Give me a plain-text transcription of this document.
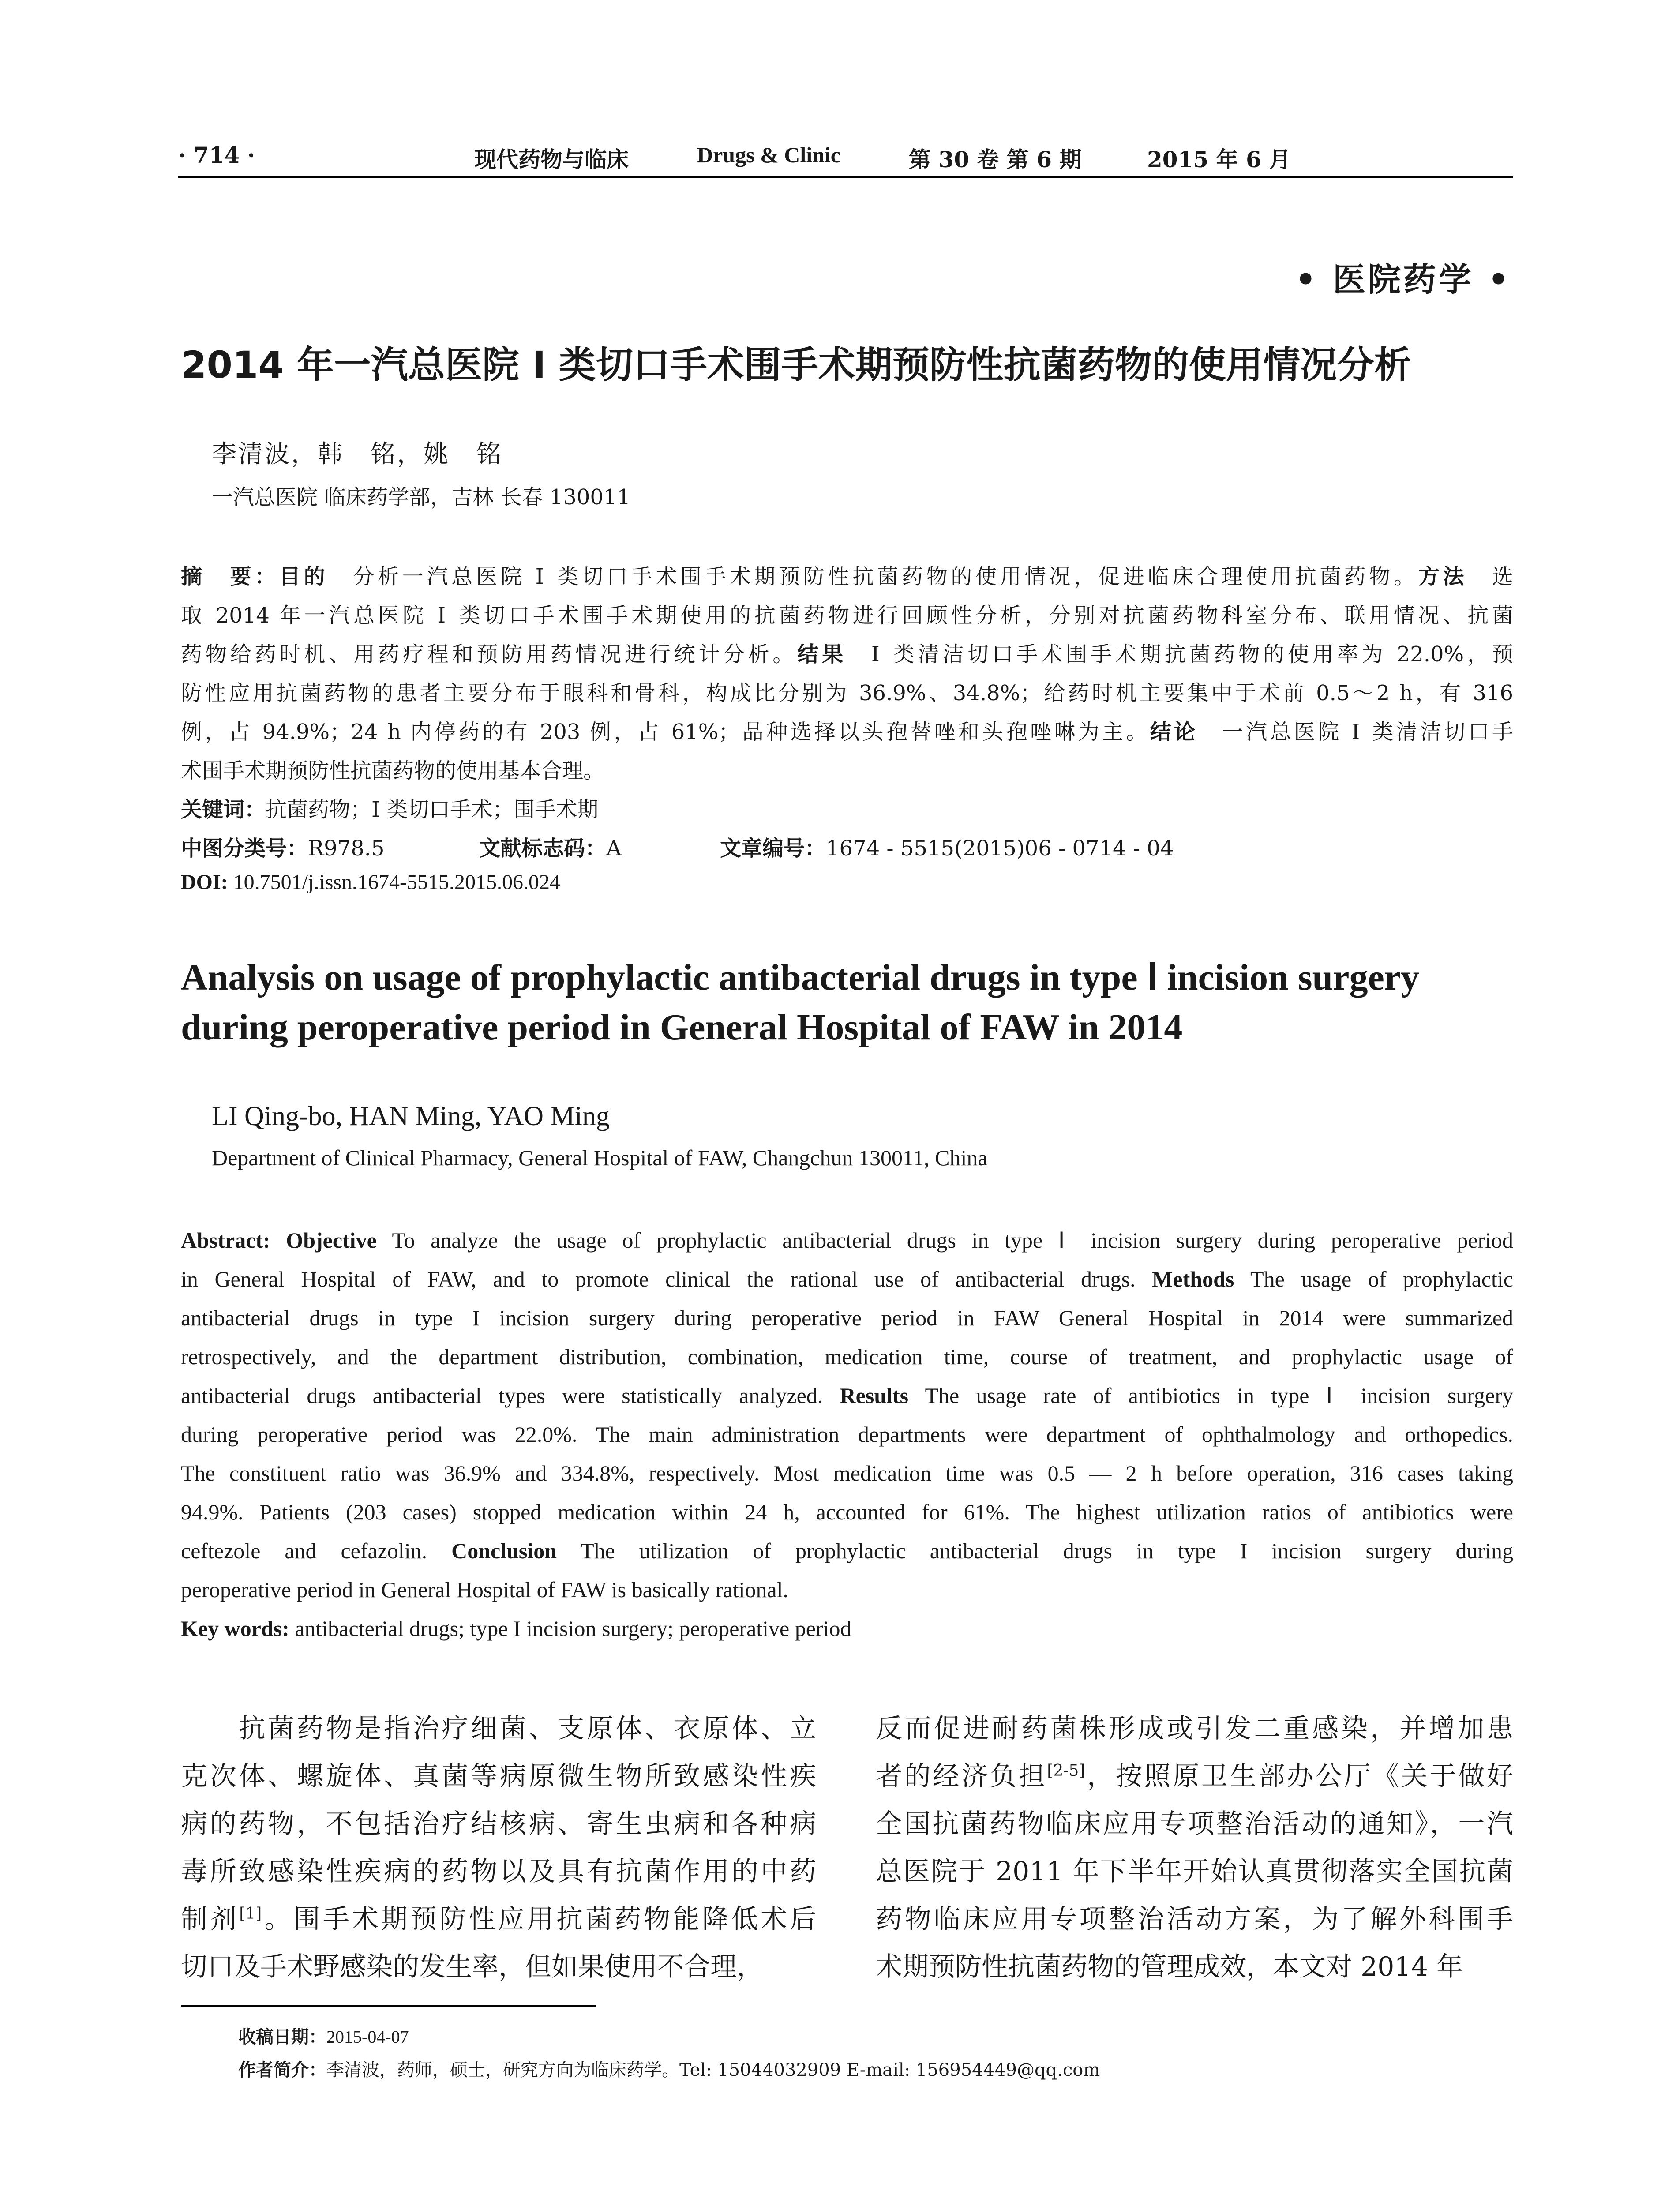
· 714 ·	现代药物与临床	Drugs & Clinic	第 30 卷 第 6 期	2015 年 6 月
• 医院药学 •
2014 年一汽总医院 Ⅰ 类切口手术围手术期预防性抗菌药物的使用情况分析
李清波，韩　铭，姚　铭
一汽总医院 临床药学部，吉林 长春 130011
摘　要：目的　分析一汽总医院 Ⅰ 类切口手术围手术期预防性抗菌药物的使用情况，促进临床合理使用抗菌药物。方法　选
取 2014 年一汽总医院 Ⅰ 类切口手术围手术期使用的抗菌药物进行回顾性分析，分别对抗菌药物科室分布、联用情况、抗菌
药物给药时机、用药疗程和预防用药情况进行统计分析。结果　Ⅰ 类清洁切口手术围手术期抗菌药物的使用率为 22.0%，预
防性应用抗菌药物的患者主要分布于眼科和骨科，构成比分别为 36.9%、34.8%；给药时机主要集中于术前 0.5～2 h，有 316
例，占 94.9%；24 h 内停药的有 203 例，占 61%；品种选择以头孢替唑和头孢唑啉为主。结论　一汽总医院 Ⅰ 类清洁切口手
术围手术期预防性抗菌药物的使用基本合理。
关键词：抗菌药物；Ⅰ 类切口手术；围手术期
中图分类号：R978.5	文献标志码：A	文章编号：1674 - 5515(2015)06 - 0714 - 04
DOI: 10.7501/j.issn.1674-5515.2015.06.024
Analysis on usage of prophylactic antibacterial drugs in type Ⅰ incision surgery
during peroperative period in General Hospital of FAW in 2014
LI Qing-bo, HAN Ming, YAO Ming
Department of Clinical Pharmacy, General Hospital of FAW, Changchun 130011, China
Abstract: Objective To analyze the usage of prophylactic antibacterial drugs in type Ⅰ incision surgery during peroperative period
in General Hospital of FAW, and to promote clinical the rational use of antibacterial drugs. Methods The usage of prophylactic
antibacterial drugs in type I incision surgery during peroperative period in FAW General Hospital in 2014 were summarized
retrospectively, and the department distribution, combination, medication time, course of treatment, and prophylactic usage of
antibacterial drugs antibacterial types were statistically analyzed. Results The usage rate of antibiotics in type Ⅰ incision surgery
during peroperative period was 22.0%. The main administration departments were department of ophthalmology and orthopedics.
The constituent ratio was 36.9% and 334.8%, respectively. Most medication time was 0.5 — 2 h before operation, 316 cases taking
94.9%. Patients (203 cases) stopped medication within 24 h, accounted for 61%. The highest utilization ratios of antibiotics were
ceftezole and cefazolin. Conclusion The utilization of prophylactic antibacterial drugs in type I incision surgery during
peroperative period in General Hospital of FAW is basically rational.
Key words: antibacterial drugs; type I incision surgery; peroperative period
　　抗菌药物是指治疗细菌、支原体、衣原体、立
克次体、螺旋体、真菌等病原微生物所致感染性疾
病的药物，不包括治疗结核病、寄生虫病和各种病
毒所致感染性疾病的药物以及具有抗菌作用的中药
制剂[1]。围手术期预防性应用抗菌药物能降低术后
切口及手术野感染的发生率，但如果使用不合理，
反而促进耐药菌株形成或引发二重感染，并增加患
者的经济负担[2-5]，按照原卫生部办公厅《关于做好
全国抗菌药物临床应用专项整治活动的通知》，一汽
总医院于 2011 年下半年开始认真贯彻落实全国抗菌
药物临床应用专项整治活动方案，为了解外科围手
术期预防性抗菌药物的管理成效，本文对 2014 年
收稿日期：2015-04-07
作者简介：李清波，药师，硕士，研究方向为临床药学。Tel: 15044032909 E-mail: 156954449@qq.com
